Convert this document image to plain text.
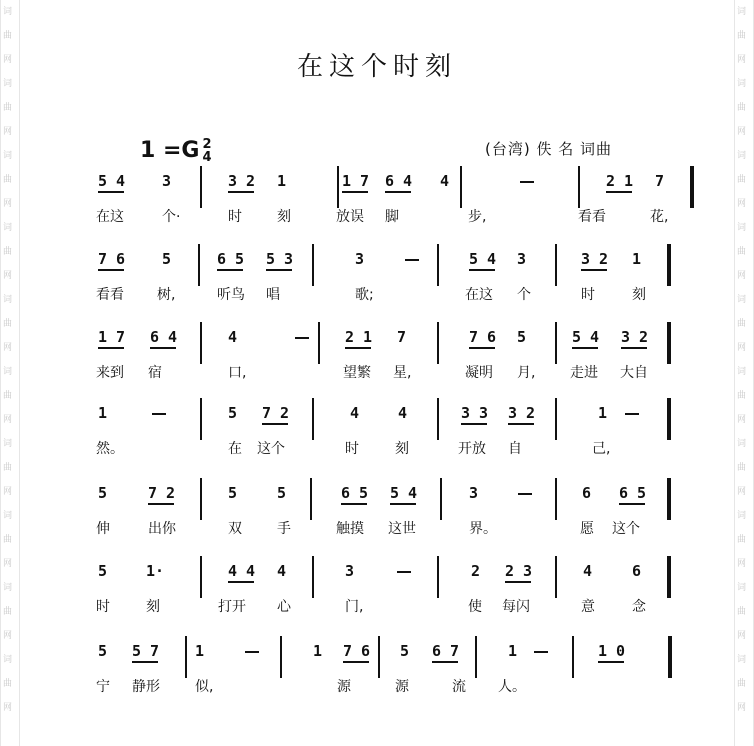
词
曲
网
词
曲
网
词
曲
网
词
曲
网
词
曲
网
词
曲
网
词
曲
网
词
曲
网
词
曲
网
词
曲
网
词
曲
网
词
曲
网
词
曲
网
词
曲
网
词
曲
网
词
曲
网
词
曲
网
词
曲
网
词
曲
网
词
曲
网
在这个时刻
1 =G 2
4	(台湾) 佚 名 词曲
5 4 3	3 2 1	1 7 6 4 4	2 1 7
在这	个·	时	刻	放误 脚	步,	看看	花,
7 6 5	6 5 5 3	3	5 4 3	3 2 1
看看 树,	听鸟 唱	歌;	在这 个	时	刻
1 7 6 4	4	2 1 7	7 6 5	5 4 3 2
来到 宿	口,	望繁 星,	凝明 月, 走进 大自
1	5 7 2	4	4	3 3 3 2	1
然。	在 这个	时	刻	开放 自	己,
5	7 2	5	5	6 5 5 4	3	6 6 5
伸	出你	双	手	触摸 这世	界。	愿 这个
5	1·	4 4 4	3	2 2 3	4	6
时	刻	打开 心	门,	使 每闪	意	念
5 5 7 1	1 7 6 5 6 7	1	1 0
宁 静形	似,	源	源	流 人。
